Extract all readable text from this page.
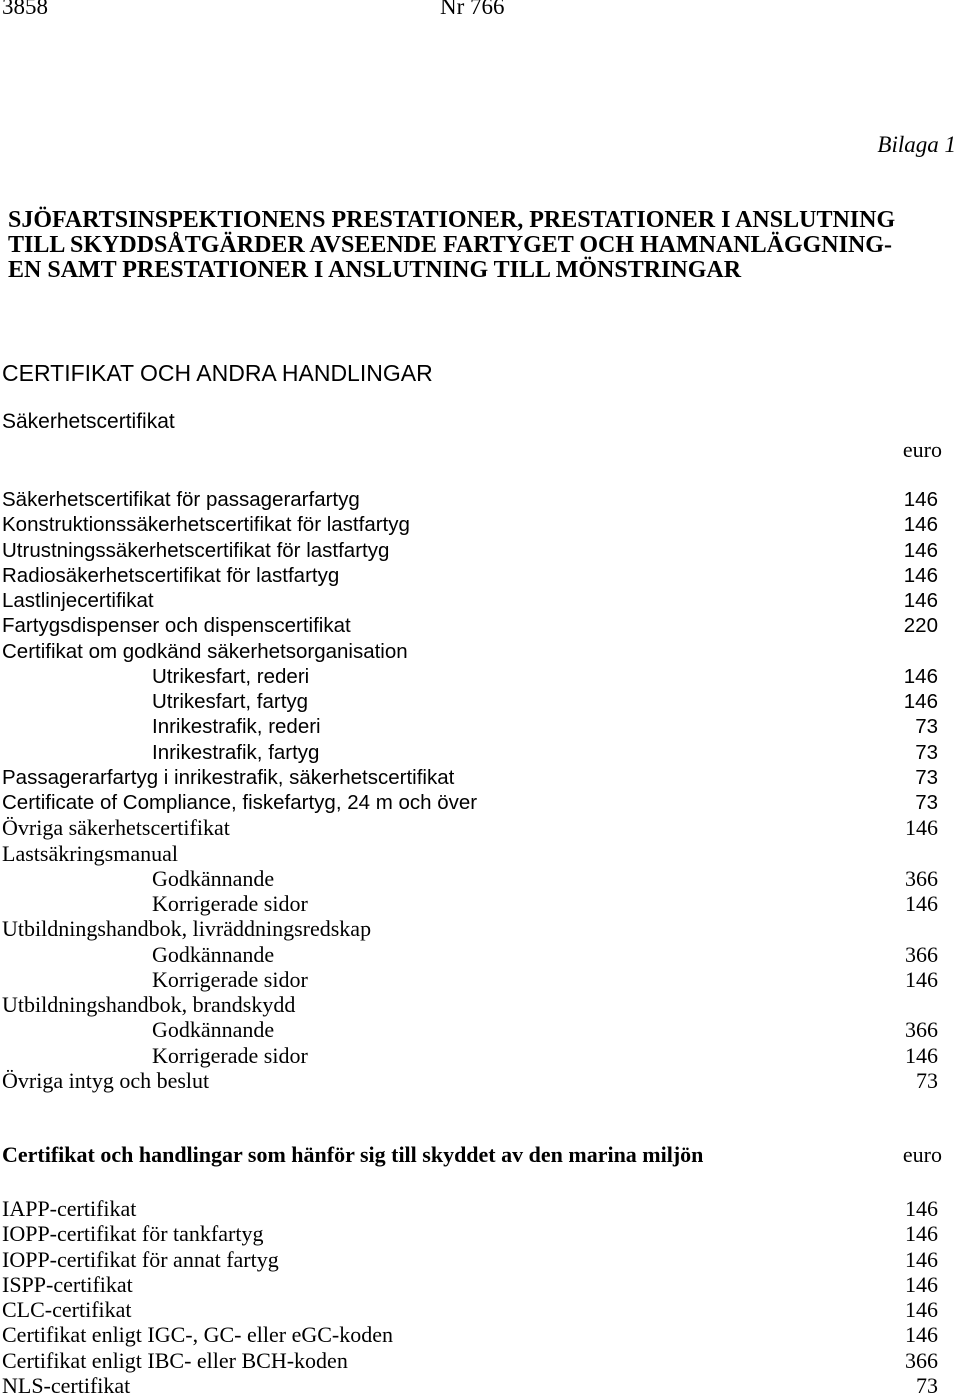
3858	Nr 766
Bilaga 1
SJÖFARTSINSPEKTIONENS PRESTATIONER, PRESTATIONER I ANSLUTNING
TILL SKYDDSÅTGÄRDER AVSEENDE FARTYGET OCH HAMNANLÄGGNING-
EN SAMT PRESTATIONER I ANSLUTNING TILL MÖNSTRINGAR
CERTIFIKAT OCH ANDRA HANDLINGAR
Säkerhetscertifikat
euro
Säkerhetscertifikat för passagerarfartyg	146
Konstruktionssäkerhetscertifikat för lastfartyg	146
Utrustningssäkerhetscertifikat för lastfartyg	146
Radiosäkerhetscertifikat för lastfartyg	146
Lastlinjecertifikat	146
Fartygsdispenser och dispenscertifikat	220
Certifikat om godkänd säkerhetsorganisation
Utrikesfart, rederi	146
Utrikesfart, fartyg	146
Inrikestrafik, rederi	73
Inrikestrafik, fartyg	73
Passagerarfartyg i inrikestrafik, säkerhetscertifikat	73
Certificate of Compliance, fiskefartyg, 24 m och över	73
Övriga säkerhetscertifikat	146
Lastsäkringsmanual
Godkännande	366
Korrigerade sidor	146
Utbildningshandbok, livräddningsredskap
Godkännande	366
Korrigerade sidor	146
Utbildningshandbok, brandskydd
Godkännande	366
Korrigerade sidor	146
Övriga intyg och beslut	73
Certifikat och handlingar som hänför sig till skyddet av den marina miljön	euro
IAPP-certifikat	146
IOPP-certifikat för tankfartyg	146
IOPP-certifikat för annat fartyg	146
ISPP-certifikat	146
CLC-certifikat	146
Certifikat enligt IGC-, GC- eller eGC-koden	146
Certifikat enligt IBC- eller BCH-koden	366
NLS-certifikat	73
